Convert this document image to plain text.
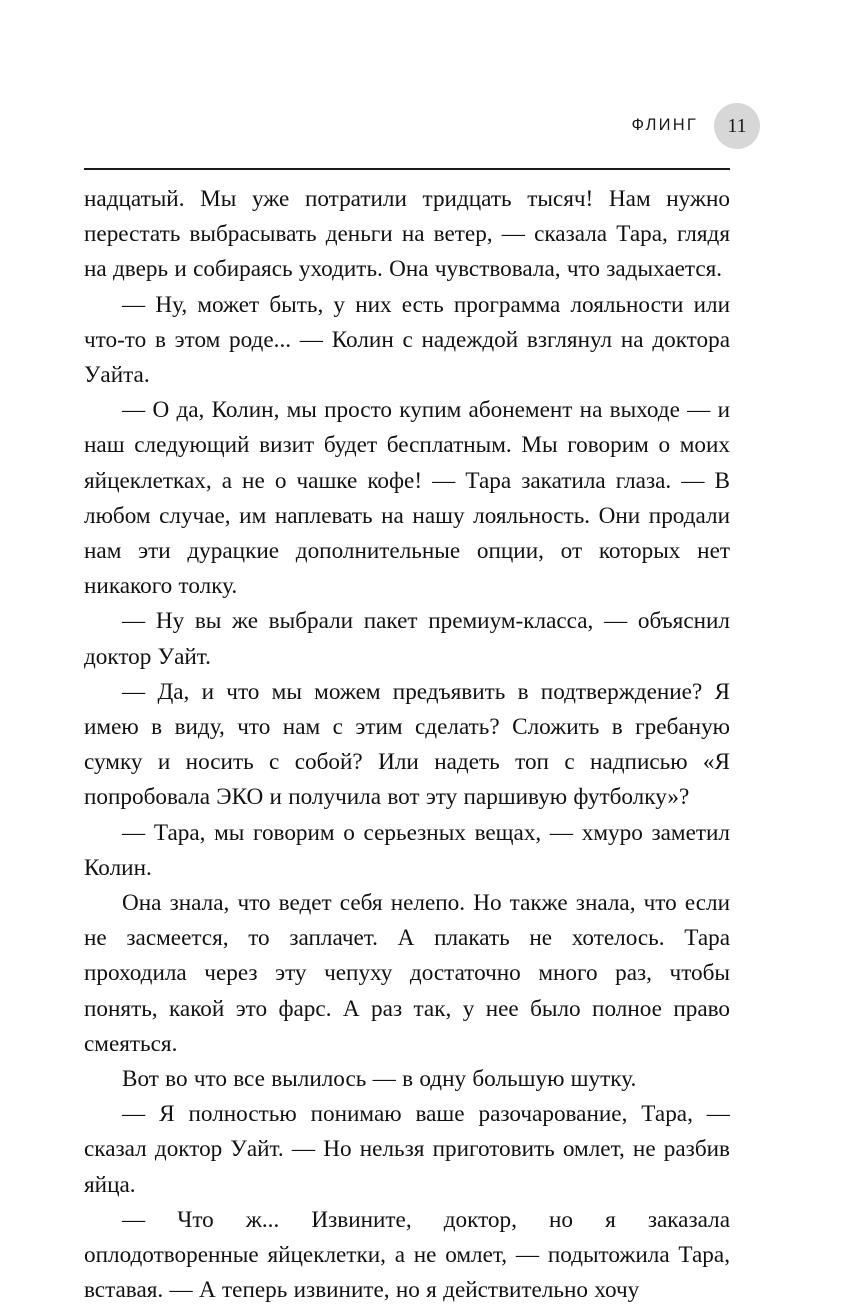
ФЛИНГ	11

надцатый. Мы уже потратили тридцать тысяч! Нам нужно перестать выбрасывать деньги на ветер, — сказала Тара, глядя на дверь и собираясь уходить. Она чувствовала, что задыхается.

— Ну, может быть, у них есть программа лояльности или что-то в этом роде... — Колин с надеждой взглянул на доктора Уайта.

— О да, Колин, мы просто купим абонемент на выходе — и наш следующий визит будет бесплатным. Мы говорим о моих яйцеклетках, а не о чашке кофе! — Тара закатила глаза. — В любом случае, им наплевать на нашу лояльность. Они продали нам эти дурацкие дополнительные опции, от которых нет никакого толку.

— Ну вы же выбрали пакет премиум-класса, — объяснил доктор Уайт.

— Да, и что мы можем предъявить в подтверждение? Я имею в виду, что нам с этим сделать? Сложить в гребаную сумку и носить с собой? Или надеть топ с надписью «Я попробовала ЭКО и получила вот эту паршивую футболку»?

— Тара, мы говорим о серьезных вещах, — хмуро заметил Колин.

Она знала, что ведет себя нелепо. Но также знала, что если не засмеется, то заплачет. А плакать не хотелось. Тара проходила через эту чепуху достаточно много раз, чтобы понять, какой это фарс. А раз так, у нее было полное право смеяться.

Вот во что все вылилось — в одну большую шутку.

— Я полностью понимаю ваше разочарование, Тара, — сказал доктор Уайт. — Но нельзя приготовить омлет, не разбив яйца.

— Что ж... Извините, доктор, но я заказала оплодотворенные яйцеклетки, а не омлет, — подытожила Тара, вставая. — А теперь извините, но я действительно хочу
